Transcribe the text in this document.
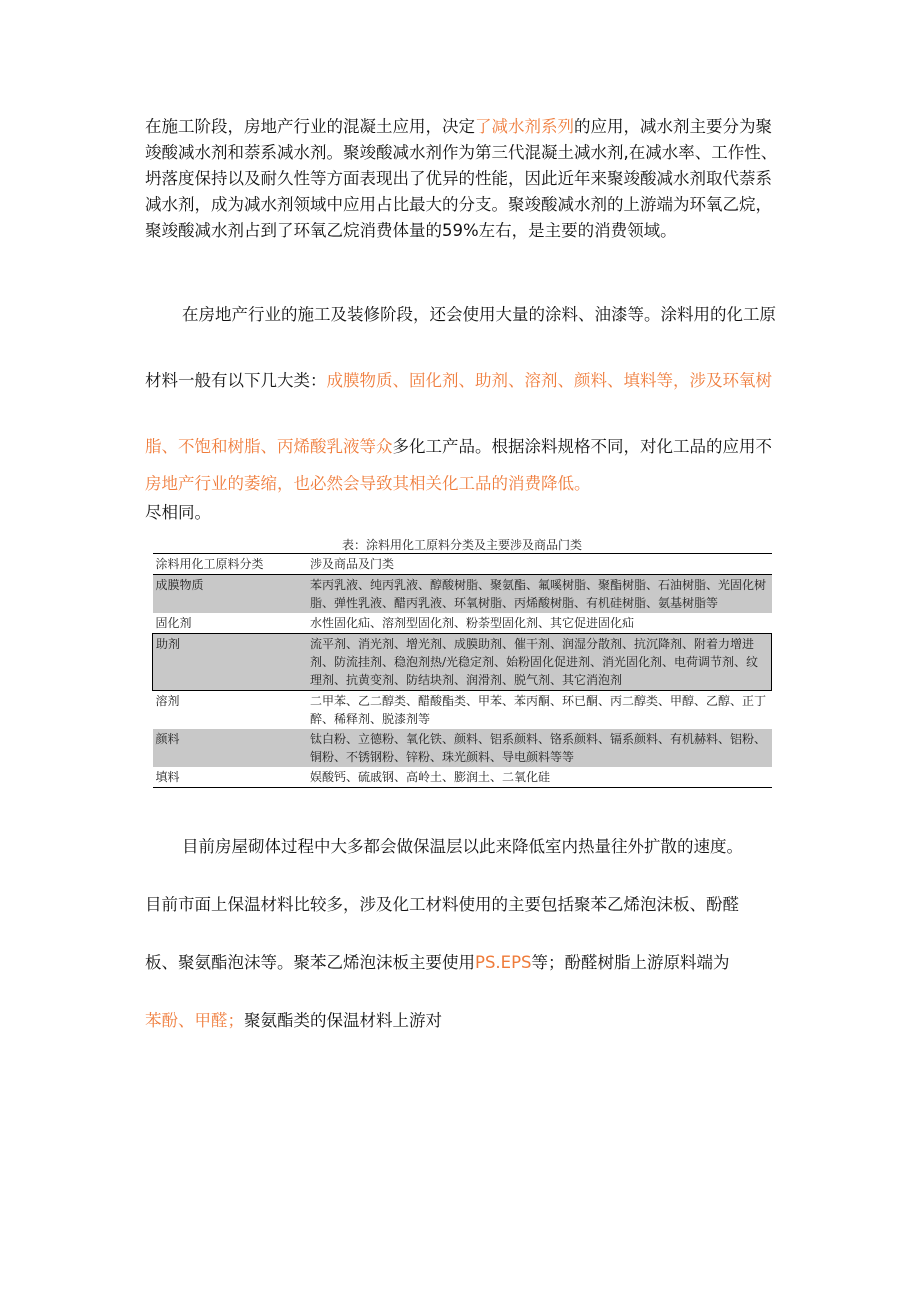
在施工阶段，房地产行业的混凝土应用，决定了减水剂系列的应用，减水剂主要分为聚竣酸减水剂和萘系减水剂。聚竣酸减水剂作为第三代混凝土减水剂,在减水率、工作性、坍落度保持以及耐久性等方面表现出了优异的性能，因此近年来聚竣酸减水剂取代萘系减水剂，成为减水剂领域中应用占比最大的分支。聚竣酸减水剂的上游端为环氧乙烷，聚竣酸减水剂占到了环氧乙烷消费体量的59%左右，是主要的消费领域。

在房地产行业的施工及装修阶段，还会使用大量的涂料、油漆等。涂料用的化工原材料一般有以下几大类：成膜物质、固化剂、助剂、溶剂、颜料、填料等，涉及环氧树脂、不饱和树脂、丙烯酸乳液等众多化工产品。根据涂料规格不同，对化工品的应用不尽相同。

房地产行业的萎缩，也必然会导致其相关化工品的消费降低。

表：涂料用化工原料分类及主要涉及商品门类
涂料用化工原料分类	涉及商品及门类
成膜物质	苯丙乳液、纯丙乳液、醇酸树脂、聚氨酯、氟嗘树脂、聚酯树脂、石油树脂、光固化树脂、弹性乳液、醋丙乳液、环氧树脂、丙烯酸树脂、有机硅树脂、氨基树脂等
固化剂	水性固化疝、溶剂型固化剂、粉荼型固化剂、其它促进固化疝
助剂	流平剂、消光剂、增光剂、成膜助剂、催干剂、润湿分散剂、抗沉降剂、附着力增进剂、防流挂剂、稳泡剂热/光稳定剂、始粉固化促进剂、消光固化剂、电荷调节剂、纹理剂、抗黄变剂、防结块剂、润滑剂、脱气剂、其它消泡剂
溶剂	二甲苯、乙二醇类、醋酸酯类、甲苯、苯丙酮、环已酮、丙二醇类、甲醇、乙醇、正丁醉、稀释剂、脱漆剂等
颜料	钛白粉、立德粉、氧化铁、颜料、铝系颜料、铬系颜料、镉系颜料、有机赫料、铝粉、铜粉、不锈钢粉、锌粉、珠光颜料、导电颜料等等
填料	娱酸钙、硫戚钢、高岭土、膨润土、二氧化硅

目前房屋砌体过程中大多都会做保温层以此来降低室内热量往外扩散的速度。目前市面上保温材料比较多，涉及化工材料使用的主要包括聚苯乙烯泡沫板、酚醛板、聚氨酯泡沫等。聚苯乙烯泡沫板主要使用PS.EPS等；酚醛树脂上游原料端为苯酚、甲醛；聚氨酯类的保温材料上游对
